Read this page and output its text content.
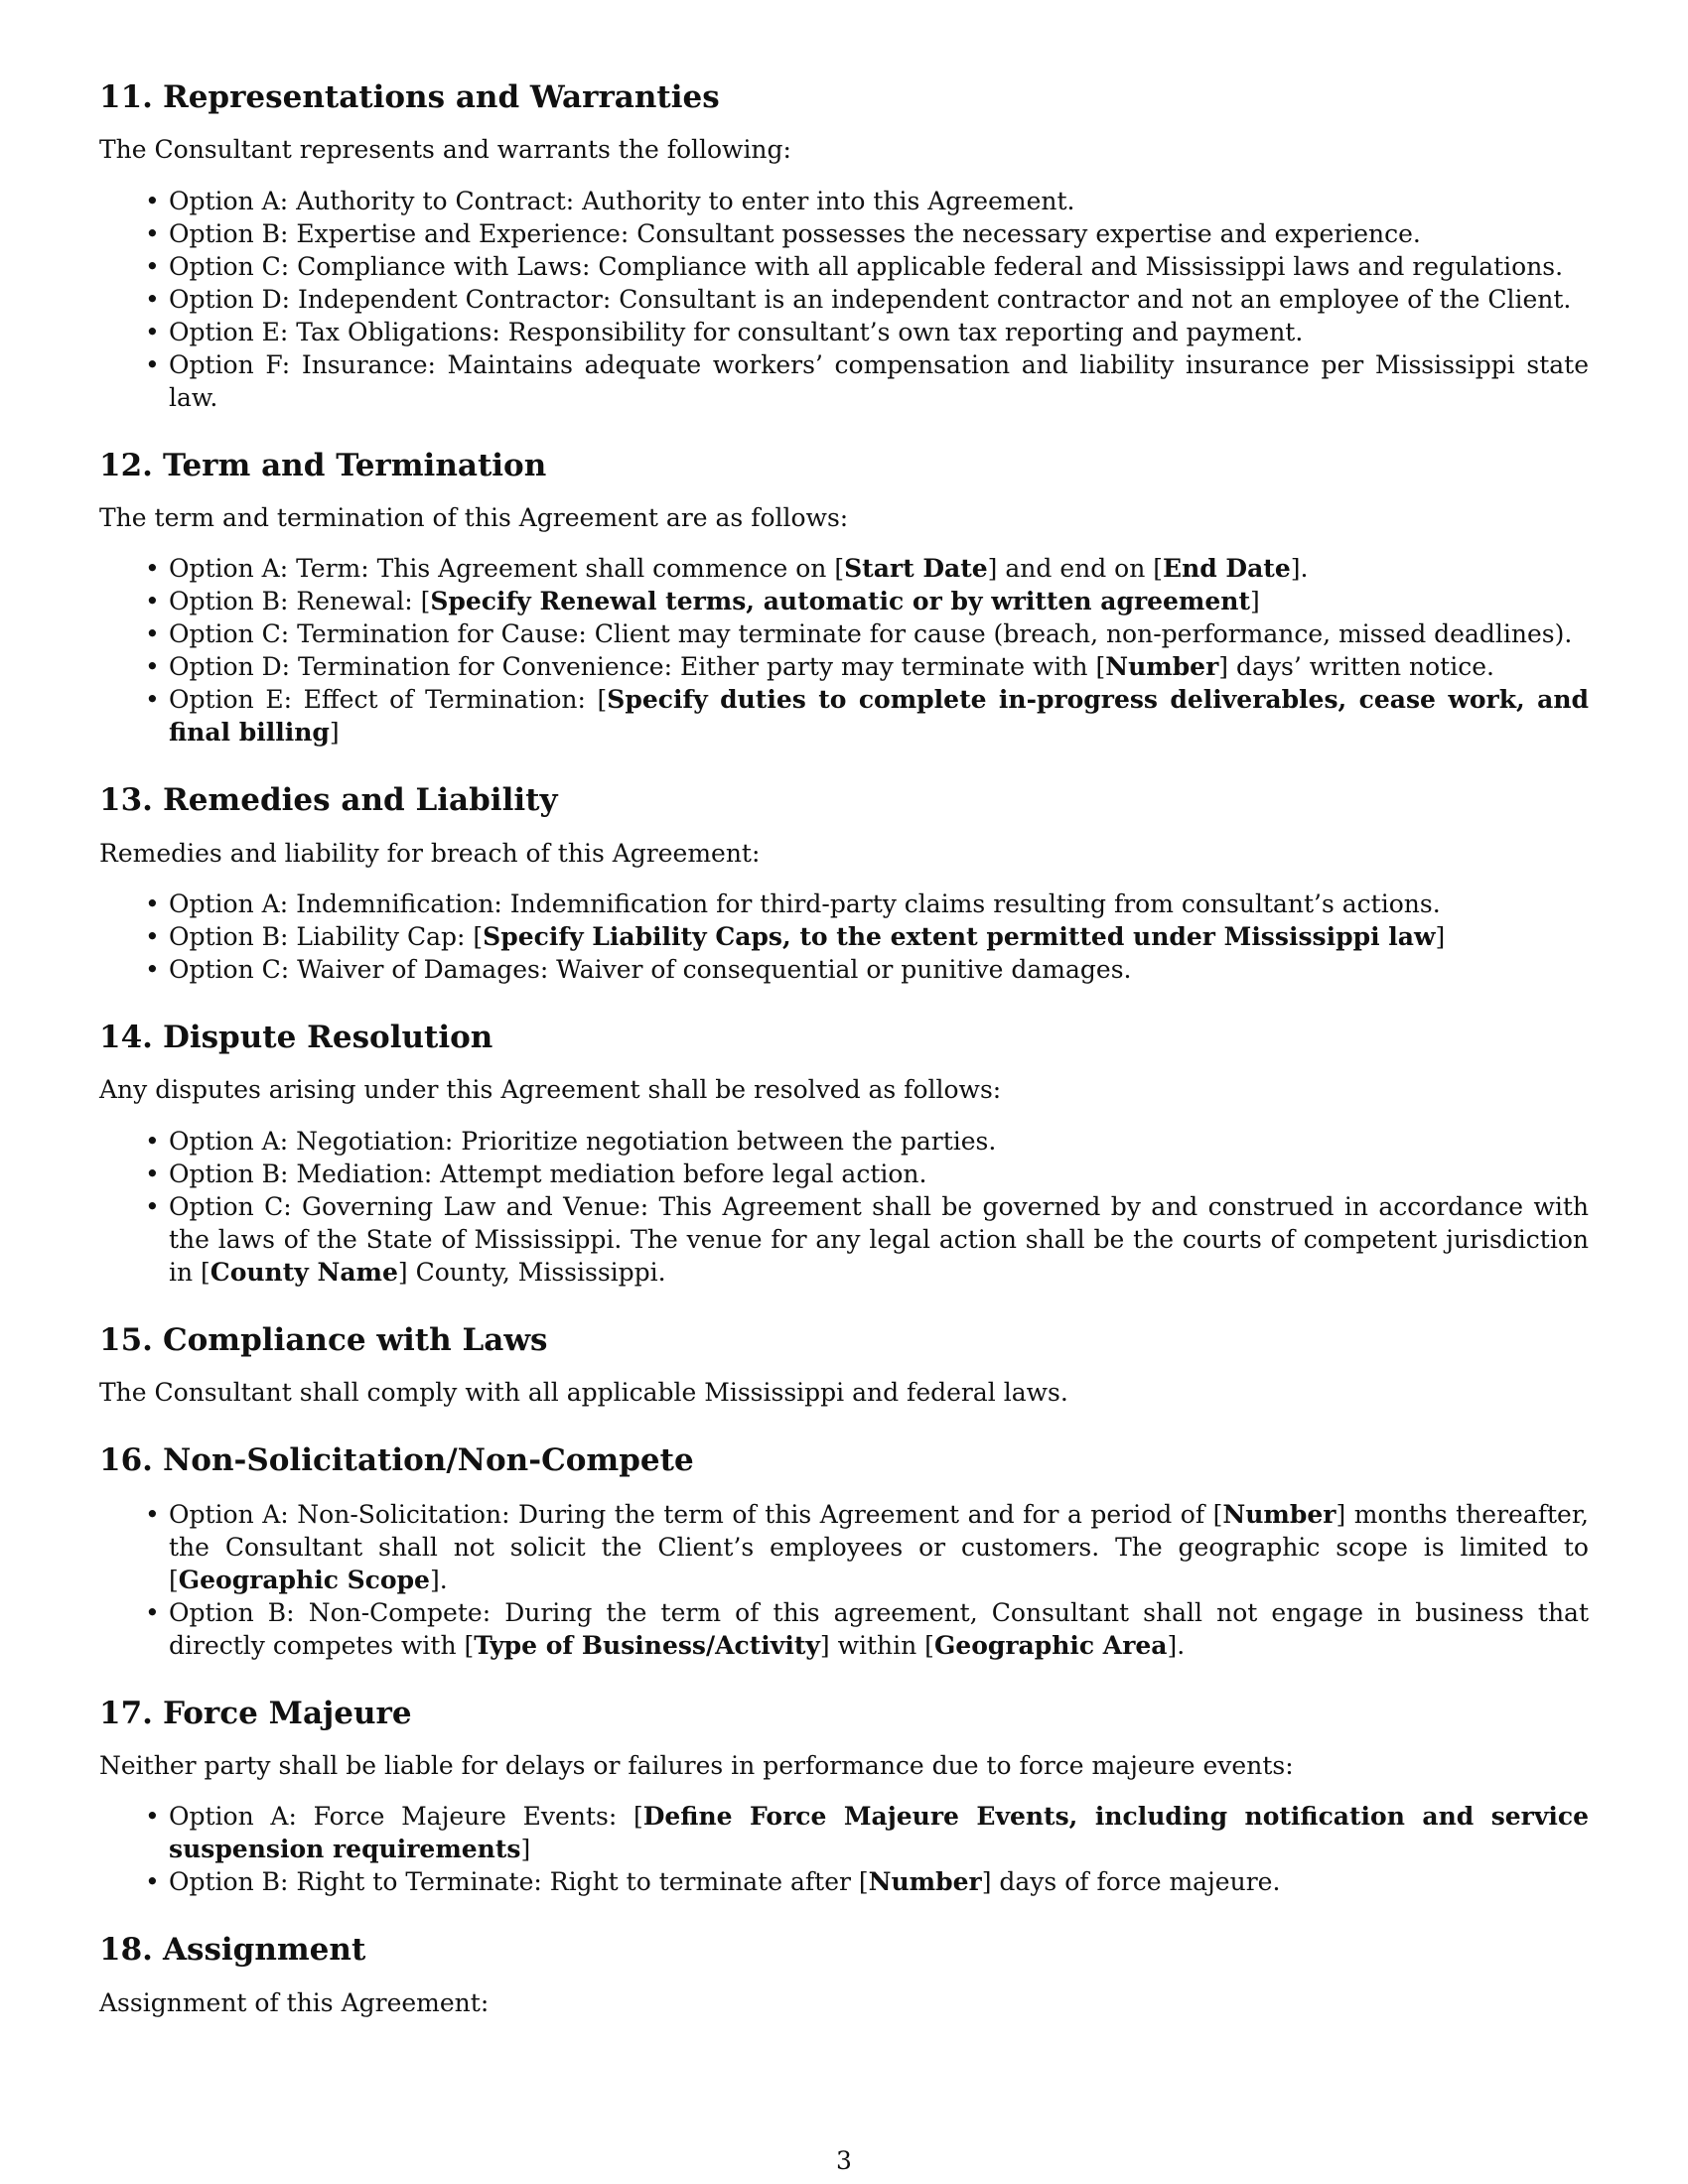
11. Representations and Warranties

The Consultant represents and warrants the following:

• Option A: Authority to Contract: Authority to enter into this Agreement.
• Option B: Expertise and Experience: Consultant possesses the necessary expertise and experience.
• Option C: Compliance with Laws: Compliance with all applicable federal and Mississippi laws and regulations.
• Option D: Independent Contractor: Consultant is an independent contractor and not an employee of the Client.
• Option E: Tax Obligations: Responsibility for consultant’s own tax reporting and payment.
• Option F: Insurance: Maintains adequate workers’ compensation and liability insurance per Mississippi state law.
12. Term and Termination

The term and termination of this Agreement are as follows:

• Option A: Term: This Agreement shall commence on [Start Date] and end on [End Date].
• Option B: Renewal: [Specify Renewal terms, automatic or by written agreement]
• Option C: Termination for Cause: Client may terminate for cause (breach, non-performance, missed deadlines).
• Option D: Termination for Convenience: Either party may terminate with [Number] days’ written notice.
• Option E: Effect of Termination: [Specify duties to complete in-progress deliverables, cease work, and final billing]
13. Remedies and Liability

Remedies and liability for breach of this Agreement:

• Option A: Indemnification: Indemnification for third-party claims resulting from consultant’s actions.
• Option B: Liability Cap: [Specify Liability Caps, to the extent permitted under Mississippi law]
• Option C: Waiver of Damages: Waiver of consequential or punitive damages.
14. Dispute Resolution

Any disputes arising under this Agreement shall be resolved as follows:

• Option A: Negotiation: Prioritize negotiation between the parties.
• Option B: Mediation: Attempt mediation before legal action.
• Option C: Governing Law and Venue: This Agreement shall be governed by and construed in accordance with the laws of the State of Mississippi. The venue for any legal action shall be the courts of competent jurisdiction in [County Name] County, Mississippi.
15. Compliance with Laws

The Consultant shall comply with all applicable Mississippi and federal laws.

16. Non-Solicitation/Non-Compete
• Option A: Non-Solicitation: During the term of this Agreement and for a period of [Number] months thereafter, the Consultant shall not solicit the Client’s employees or customers. The geographic scope is limited to [Geographic Scope].
• Option B: Non-Compete: During the term of this agreement, Consultant shall not engage in business that directly competes with [Type of Business/Activity] within [Geographic Area].
17. Force Majeure

Neither party shall be liable for delays or failures in performance due to force majeure events:

• Option A: Force Majeure Events: [Define Force Majeure Events, including notification and service suspension requirements]
• Option B: Right to Terminate: Right to terminate after [Number] days of force majeure.
18. Assignment

Assignment of this Agreement:

3
